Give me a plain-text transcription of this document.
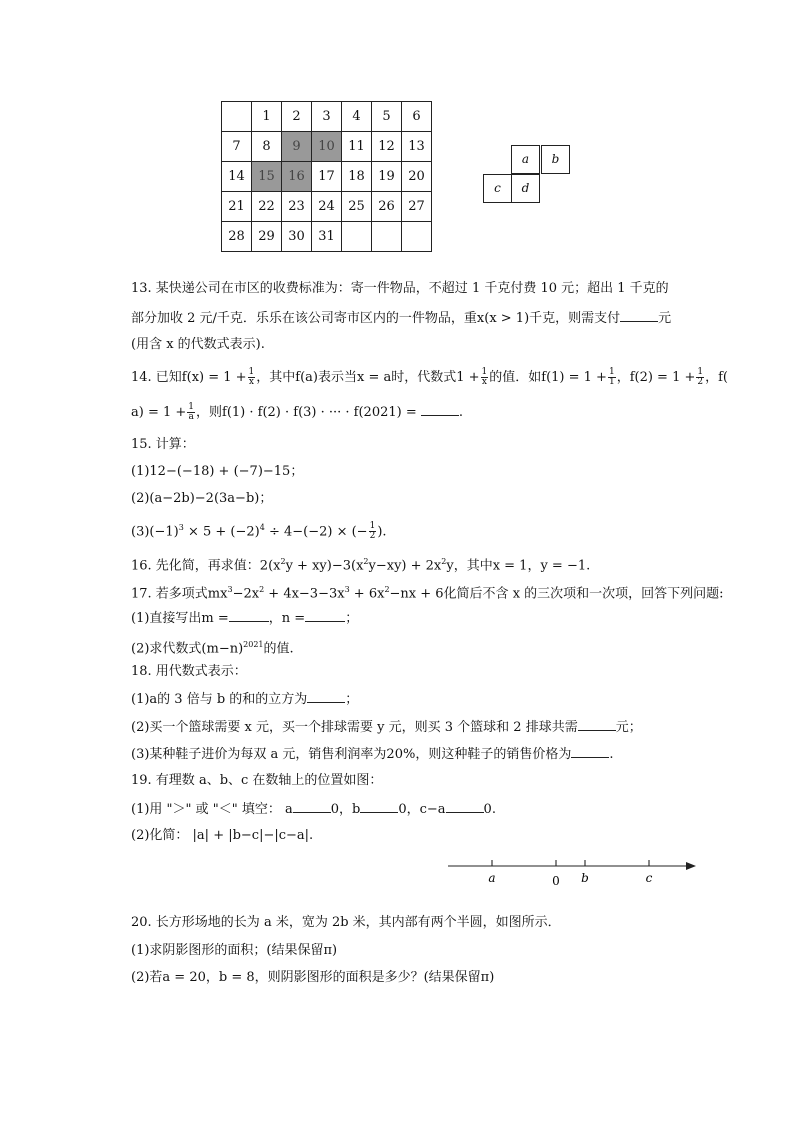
	1	2	3	4	5	6
7	8	9	10	11	12	13
14	15	16	17	18	19	20
21	22	23	24	25	26	27
28	29	30	31			
a	b
c	d
13. 某快递公司在市区的收费标准为：寄一件物品，不超过 1 千克付费 10 元；超出 1 千克的
部分加收 2 元/千克．乐乐在该公司寄市区内的一件物品，重x(x > 1)千克，则需支付	元
(用含 x 的代数式表示).
14. 已知$f(x) = 1 + \frac{1}{x}$ ，其中f(a)表示当x = a时，代数式$1 + \frac{1}{x}$ 的值．如$f(1) = 1 + \frac{1}{1}$ ，$f(2) = 1 + \frac{1}{2}$ ，f(
$a) = 1 + \frac{1}{a}$ ，则f(1) · f(2) · f(3) · ··· · f(2021) =	.
15. 计算：
(1)12−(−18) + (−7)−15；
(2)(a−2b)−2(3a−b)；
$(3)(-1)^3 \times 5 + (-2)^4 \div 4-(-2)$ × (− $\frac{1}{2}$ ).
16. 先化简，再求值：$2(x^2y + xy)-3(x^2y-xy) + 2x^2y$，其中x = 1，y = −1.
17. 若多项式$mx^3-2x^2 + 4x-3-3x^3 + 6x^2-nx + 6$化简后不含 x 的三次项和一次项，回答下列问题:
(1)直接写出m =	，n =	；
(2)求代数式$(m-n)^{2021}$的值.
18. 用代数式表示：
(1)a的 3 倍与 b 的和的立方为	；
(2)买一个篮球需要 x 元，买一个排球需要 y 元，则买 3 个篮球和 2 排球共需	元；
(3)某种鞋子进价为每双 a 元，销售利润率为20%，则这种鞋子的销售价格为	.
19. 有理数 a、b、c 在数轴上的位置如图：
(1)用 "＞" 或 "＜" 填空： a	0，b	0，c−a	0.
(2)化简： |a| + |b−c|−|c−a|.
a	0 b	c
20. 长方形场地的长为 a 米，宽为 2b 米，其内部有两个半圆，如图所示．
(1)求阴影图形的面积；(结果保留π)
(2)若a = 20，b = 8，则阴影图形的面积是多少？(结果保留π)
